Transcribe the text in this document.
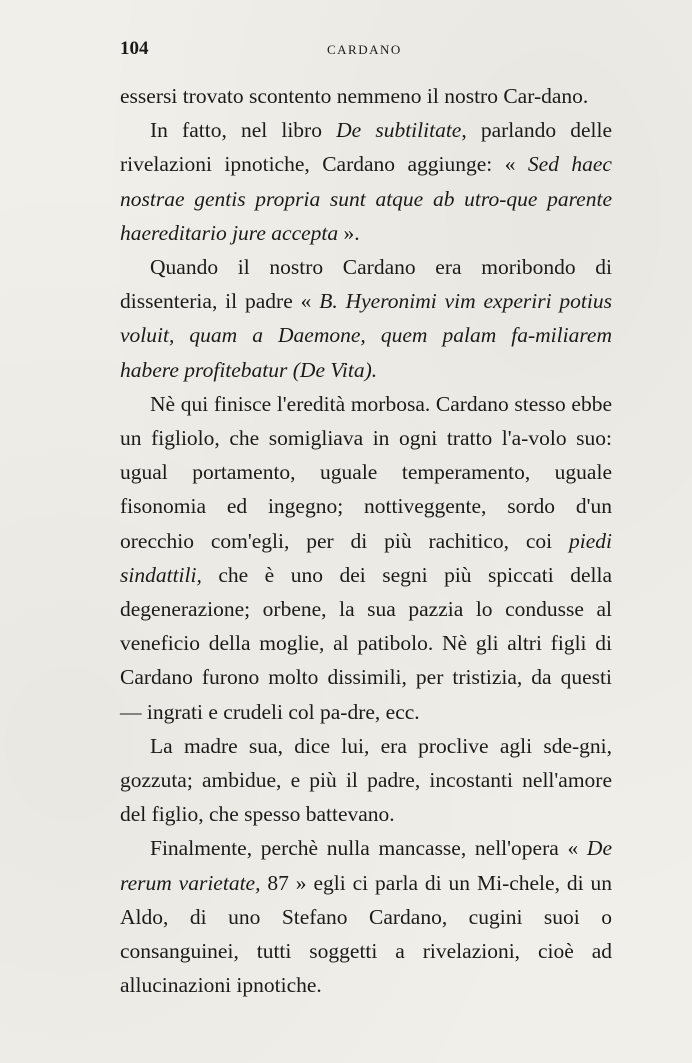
104	CARDANO

essersi trovato scontento nemmeno il nostro Car-dano.

In fatto, nel libro De subtilitate, parlando delle rivelazioni ipnotiche, Cardano aggiunge: « Sed haec nostrae gentis propria sunt atque ab utro-que parente haereditario jure accepta ».

Quando il nostro Cardano era moribondo di dissenteria, il padre « B. Hyeronimi vim experiri potius voluit, quam a Daemone, quem palam fa-miliarem habere profitebatur (De Vita).

Nè qui finisce l'eredità morbosa. Cardano stesso ebbe un figliolo, che somigliava in ogni tratto l'a-volo suo: ugual portamento, uguale temperamento, uguale fisonomia ed ingegno; nottiveggente, sordo d'un orecchio com'egli, per di più rachitico, coi piedi sindattili, che è uno dei segni più spiccati della degenerazione; orbene, la sua pazzia lo condusse al veneficio della moglie, al patibolo. Nè gli altri figli di Cardano furono molto dissimili, per tristizia, da questi — ingrati e crudeli col pa-dre, ecc.

La madre sua, dice lui, era proclive agli sde-gni, gozzuta; ambidue, e più il padre, incostanti nell'amore del figlio, che spesso battevano.

Finalmente, perchè nulla mancasse, nell'opera « De rerum varietate, 87 » egli ci parla di un Mi-chele, di un Aldo, di uno Stefano Cardano, cugini suoi o consanguinei, tutti soggetti a rivelazioni, cioè ad allucinazioni ipnotiche.
